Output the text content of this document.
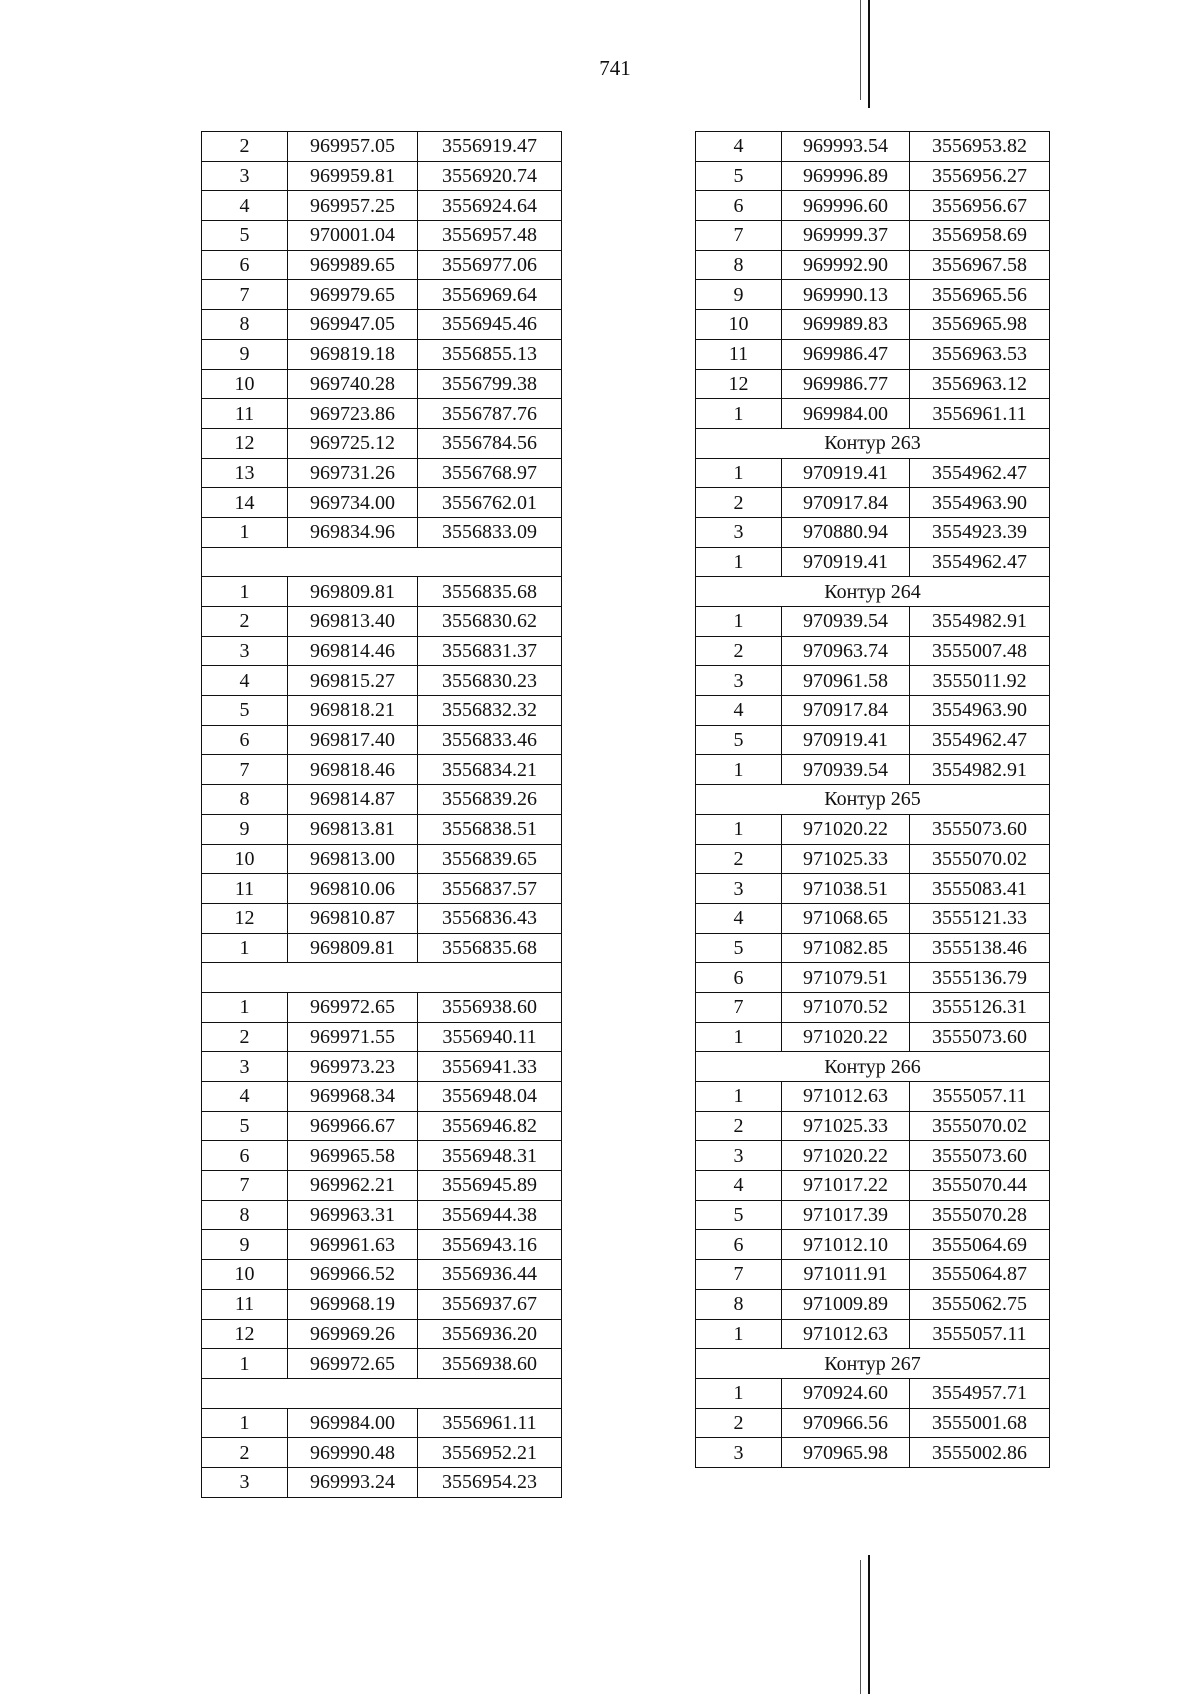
741
2	969957.05	3556919.47
3	969959.81	3556920.74
4	969957.25	3556924.64
5	970001.04	3556957.48
6	969989.65	3556977.06
7	969979.65	3556969.64
8	969947.05	3556945.46
9	969819.18	3556855.13
10	969740.28	3556799.38
11	969723.86	3556787.76
12	969725.12	3556784.56
13	969731.26	3556768.97
14	969734.00	3556762.01
1	969834.96	3556833.09

1	969809.81	3556835.68
2	969813.40	3556830.62
3	969814.46	3556831.37
4	969815.27	3556830.23
5	969818.21	3556832.32
6	969817.40	3556833.46
7	969818.46	3556834.21
8	969814.87	3556839.26
9	969813.81	3556838.51
10	969813.00	3556839.65
11	969810.06	3556837.57
12	969810.87	3556836.43
1	969809.81	3556835.68

1	969972.65	3556938.60
2	969971.55	3556940.11
3	969973.23	3556941.33
4	969968.34	3556948.04
5	969966.67	3556946.82
6	969965.58	3556948.31
7	969962.21	3556945.89
8	969963.31	3556944.38
9	969961.63	3556943.16
10	969966.52	3556936.44
11	969968.19	3556937.67
12	969969.26	3556936.20
1	969972.65	3556938.60

1	969984.00	3556961.11
2	969990.48	3556952.21
3	969993.24	3556954.23
4	969993.54	3556953.82
5	969996.89	3556956.27
6	969996.60	3556956.67
7	969999.37	3556958.69
8	969992.90	3556967.58
9	969990.13	3556965.56
10	969989.83	3556965.98
11	969986.47	3556963.53
12	969986.77	3556963.12
1	969984.00	3556961.11
Контур 263		
1	970919.41	3554962.47
2	970917.84	3554963.90
3	970880.94	3554923.39
1	970919.41	3554962.47
Контур 264		
1	970939.54	3554982.91
2	970963.74	3555007.48
3	970961.58	3555011.92
4	970917.84	3554963.90
5	970919.41	3554962.47
1	970939.54	3554982.91
Контур 265		
1	971020.22	3555073.60
2	971025.33	3555070.02
3	971038.51	3555083.41
4	971068.65	3555121.33
5	971082.85	3555138.46
6	971079.51	3555136.79
7	971070.52	3555126.31
1	971020.22	3555073.60
Контур 266		
1	971012.63	3555057.11
2	971025.33	3555070.02
3	971020.22	3555073.60
4	971017.22	3555070.44
5	971017.39	3555070.28
6	971012.10	3555064.69
7	971011.91	3555064.87
8	971009.89	3555062.75
1	971012.63	3555057.11
Контур 267		
1	970924.60	3554957.71
2	970966.56	3555001.68
3	970965.98	3555002.86
